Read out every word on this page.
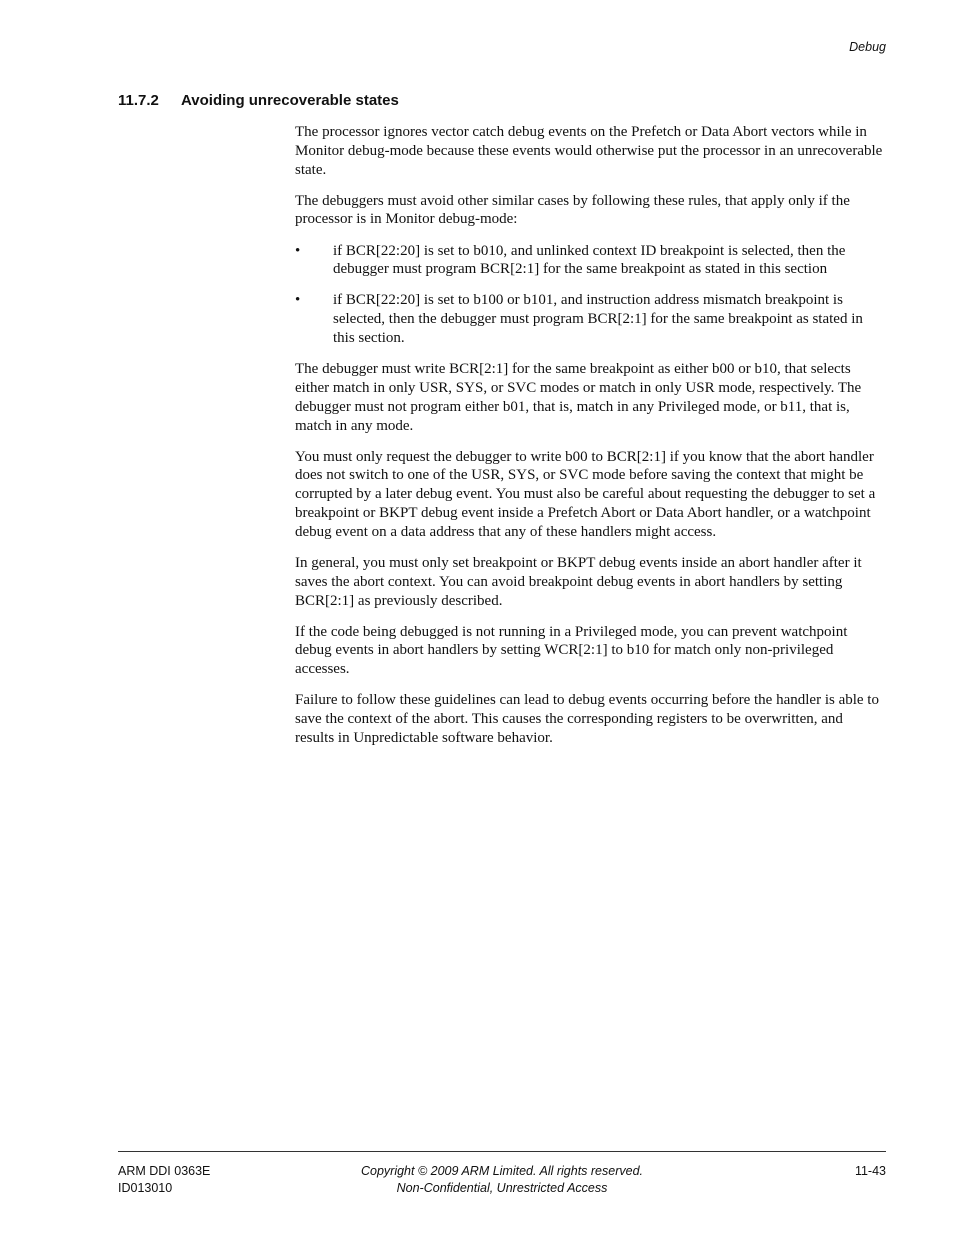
Debug
11.7.2 Avoiding unrecoverable states

The processor ignores vector catch debug events on the Prefetch or Data Abort vectors while in Monitor debug-mode because these events would otherwise put the processor in an unrecoverable state.

The debuggers must avoid other similar cases by following these rules, that apply only if the processor is in Monitor debug-mode:

• if BCR[22:20] is set to b010, and unlinked context ID breakpoint is selected, then the debugger must program BCR[2:1] for the same breakpoint as stated in this section
• if BCR[22:20] is set to b100 or b101, and instruction address mismatch breakpoint is selected, then the debugger must program BCR[2:1] for the same breakpoint as stated in this section.

The debugger must write BCR[2:1] for the same breakpoint as either b00 or b10, that selects either match in only USR, SYS, or SVC modes or match in only USR mode, respectively. The debugger must not program either b01, that is, match in any Privileged mode, or b11, that is, match in any mode.

You must only request the debugger to write b00 to BCR[2:1] if you know that the abort handler does not switch to one of the USR, SYS, or SVC mode before saving the context that might be corrupted by a later debug event. You must also be careful about requesting the debugger to set a breakpoint or BKPT debug event inside a Prefetch Abort or Data Abort handler, or a watchpoint debug event on a data address that any of these handlers might access.

In general, you must only set breakpoint or BKPT debug events inside an abort handler after it saves the abort context. You can avoid breakpoint debug events in abort handlers by setting BCR[2:1] as previously described.

If the code being debugged is not running in a Privileged mode, you can prevent watchpoint debug events in abort handlers by setting WCR[2:1] to b10 for match only non-privileged accesses.

Failure to follow these guidelines can lead to debug events occurring before the handler is able to save the context of the abort. This causes the corresponding registers to be overwritten, and results in Unpredictable software behavior.

ARM DDI 0363E
ID013010
Copyright © 2009 ARM Limited. All rights reserved.
Non-Confidential, Unrestricted Access
11-43
